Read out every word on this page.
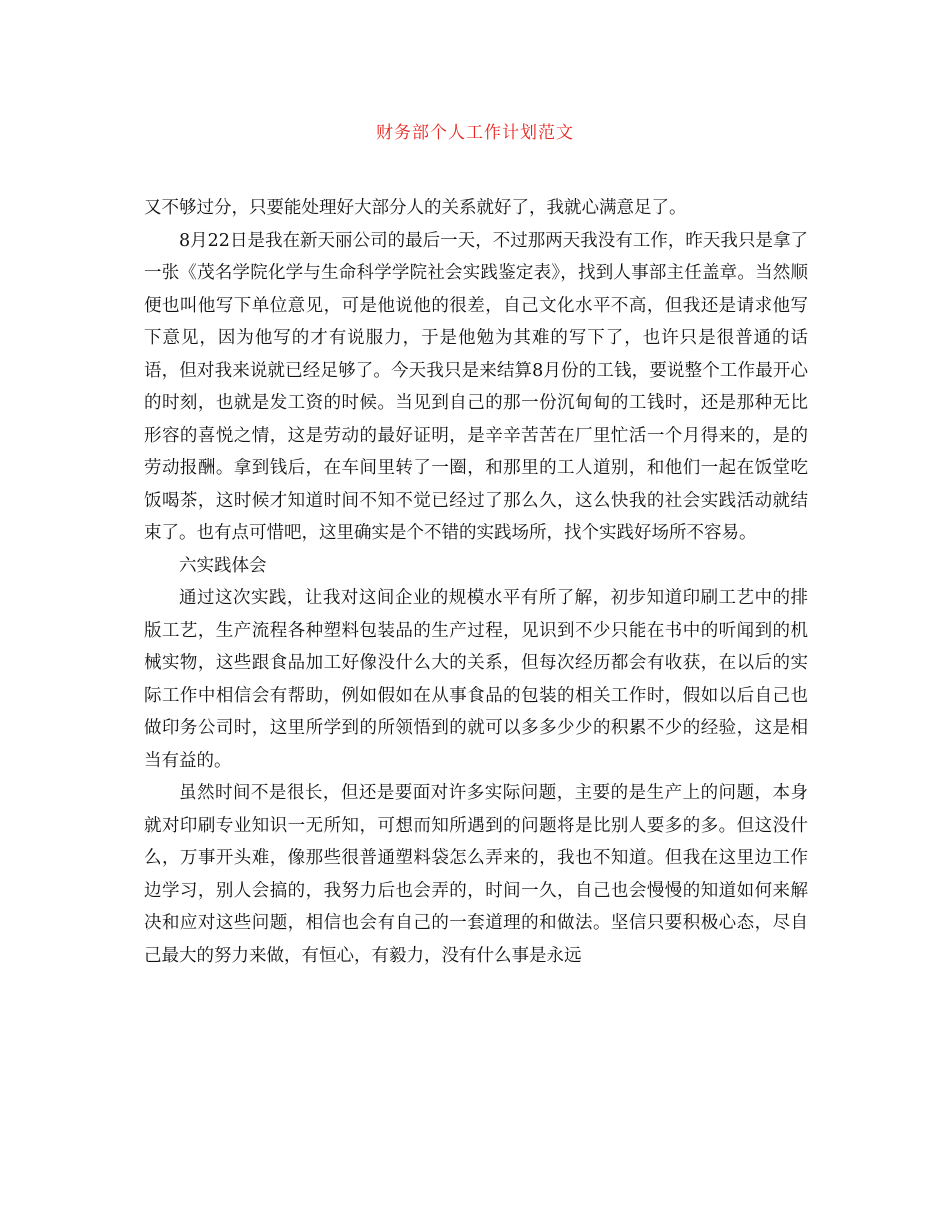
财务部个人工作计划范文

又不够过分，只要能处理好大部分人的关系就好了，我就心满意足了。

8月22日是我在新天丽公司的最后一天，不过那两天我没有工作，昨天我只是拿了一张《茂名学院化学与生命科学学院社会实践鉴定表》，找到人事部主任盖章。当然顺便也叫他写下单位意见，可是他说他的很差，自己文化水平不高，但我还是请求他写下意见，因为他写的才有说服力，于是他勉为其难的写下了，也许只是很普通的话语，但对我来说就已经足够了。今天我只是来结算8月份的工钱，要说整个工作最开心的时刻，也就是发工资的时候。当见到自己的那一份沉甸甸的工钱时，还是那种无比形容的喜悦之情，这是劳动的最好证明，是辛辛苦苦在厂里忙活一个月得来的，是的劳动报酬。拿到钱后，在车间里转了一圈，和那里的工人道别，和他们一起在饭堂吃饭喝茶，这时候才知道时间不知不觉已经过了那么久，这么快我的社会实践活动就结束了。也有点可惜吧，这里确实是个不错的实践场所，找个实践好场所不容易。

六实践体会

通过这次实践，让我对这间企业的规模水平有所了解，初步知道印刷工艺中的排版工艺，生产流程各种塑料包装品的生产过程，见识到不少只能在书中的听闻到的机械实物，这些跟食品加工好像没什么大的关系，但每次经历都会有收获，在以后的实际工作中相信会有帮助，例如假如在从事食品的包装的相关工作时，假如以后自己也做印务公司时，这里所学到的所领悟到的就可以多多少少的积累不少的经验，这是相当有益的。

虽然时间不是很长，但还是要面对许多实际问题，主要的是生产上的问题，本身就对印刷专业知识一无所知，可想而知所遇到的问题将是比别人要多的多。但这没什么，万事开头难，像那些很普通塑料袋怎么弄来的，我也不知道。但我在这里边工作边学习，别人会搞的，我努力后也会弄的，时间一久，自己也会慢慢的知道如何来解决和应对这些问题，相信也会有自己的一套道理的和做法。坚信只要积极心态，尽自己最大的努力来做，有恒心，有毅力，没有什么事是永远
